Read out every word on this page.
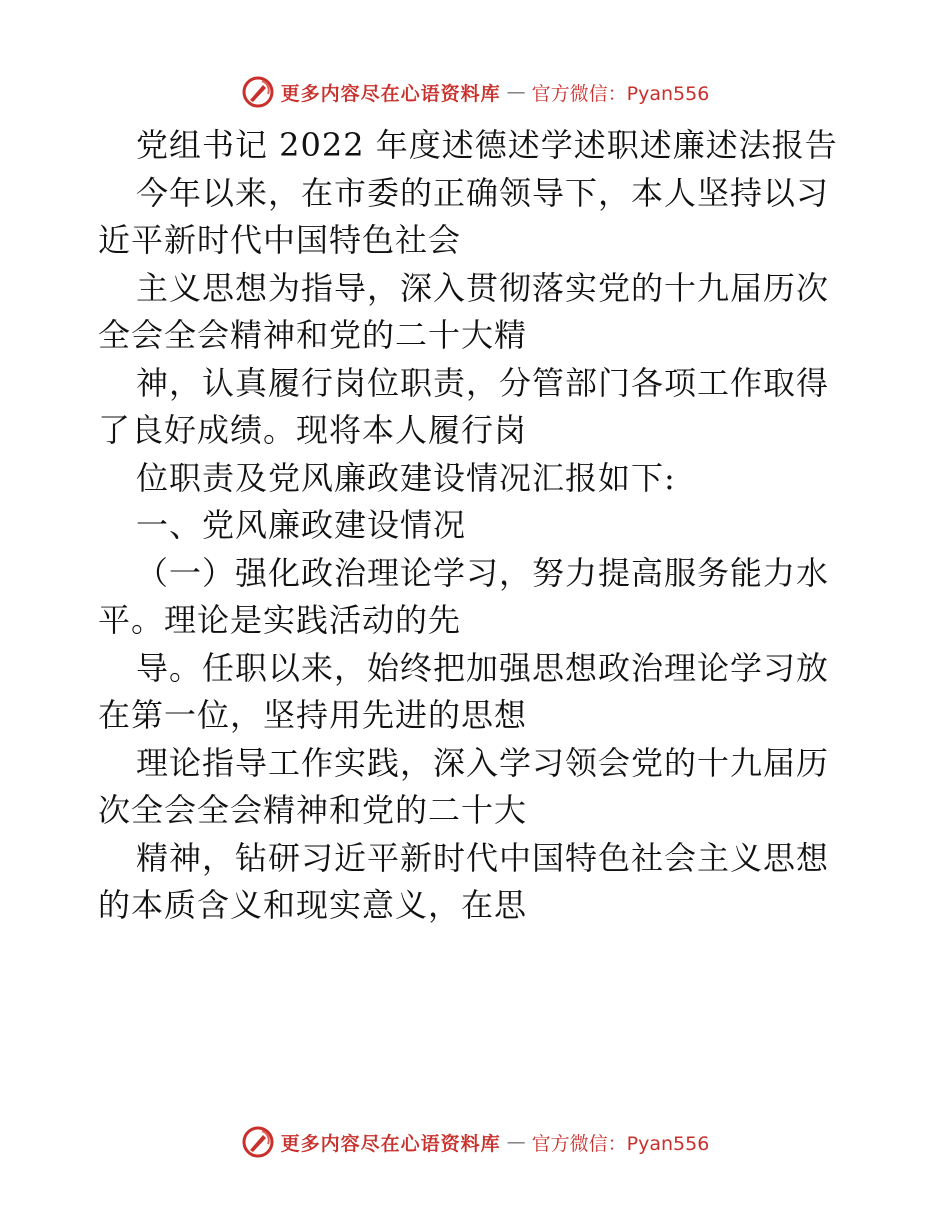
更多内容尽在心语资料库 — 官方微信：Pyan556
党组书记 2022 年度述德述学述职述廉述法报告
今年以来，在市委的正确领导下，本人坚持以习
近平新时代中国特色社会
主义思想为指导，深入贯彻落实党的十九届历次
全会全会精神和党的二十大精
神，认真履行岗位职责，分管部门各项工作取得
了良好成绩。现将本人履行岗
位职责及党风廉政建设情况汇报如下:
一、党风廉政建设情况
（一）强化政治理论学习，努力提高服务能力水
平。理论是实践活动的先
导。任职以来，始终把加强思想政治理论学习放
在第一位，坚持用先进的思想
理论指导工作实践，深入学习领会党的十九届历
次全会全会精神和党的二十大
精神，钻研习近平新时代中国特色社会主义思想
的本质含义和现实意义，在思
更多内容尽在心语资料库 — 官方微信：Pyan556
